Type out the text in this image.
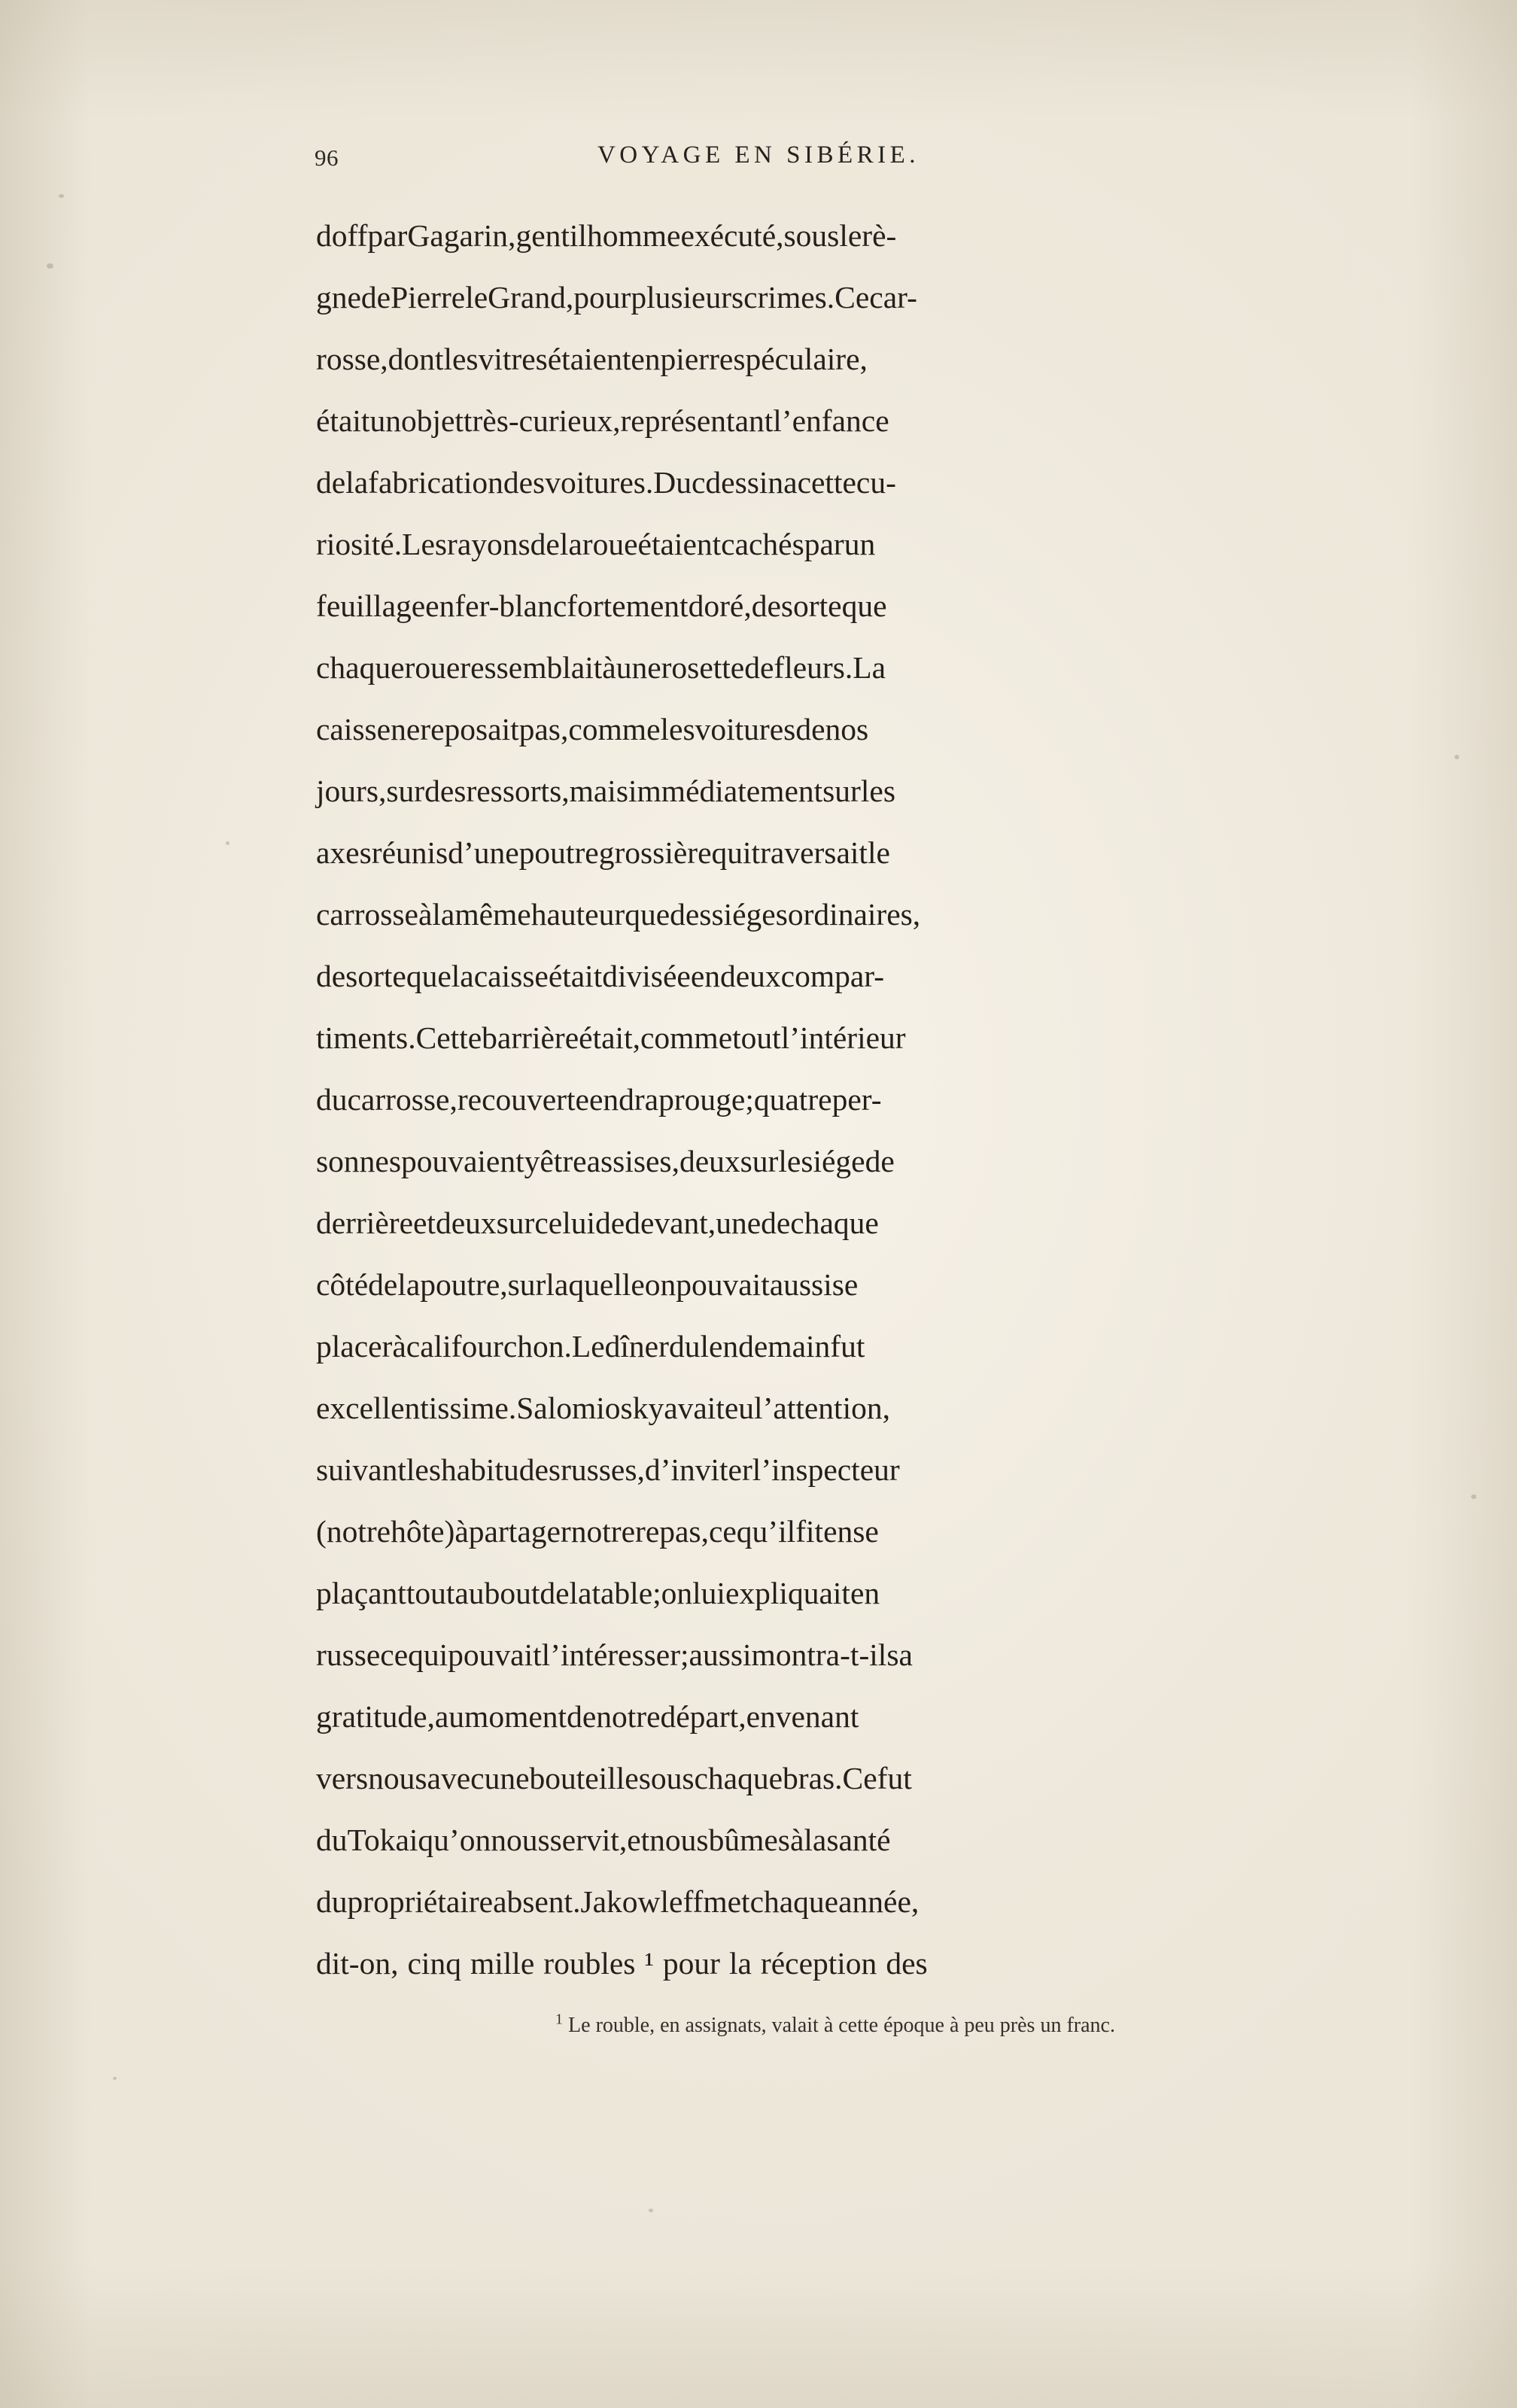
96	VOYAGE EN SIBÉRIE.
doffparGagarin,gentilhommeexécuté,souslerè-
gnedePierreleGrand,pourplusieurscrimes.Cecar-
rosse,dontlesvitresétaientenpierrespéculaire,
étaitunobjettrès-curieux,représentantl’enfance
delafabricationdesvoitures.Ducdessinacettecu-
riosité.Lesrayonsdelaroueétaientcachésparun
feuillageenfer-blancfortementdoré,desorteque
chaqueroueressemblaitàunerosettedefleurs.La
caissenereposaitpas,commelesvoituresdenos
jours,surdesressorts,maisimmédiatementsurles
axesréunisd’unepoutregrossièrequitraversaitle
carrosseàlamêmehauteurquedessiégesordinaires,
desortequelacaisseétaitdiviséeendeuxcompar-
timents.Cettebarrièreétait,commetoutl’intérieur
ducarrosse,recouverteendraprouge;quatreper-
sonnespouvaientyêtreassises,deuxsurlesiégede
derrièreetdeuxsurceluidedevant,unedechaque
côtédelapoutre,surlaquelleonpouvaitaussise
placeràcalifourchon.Ledînerdulendemainfut
excellentissime.Salomioskyavaiteul’attention,
suivantleshabitudesrusses,d’inviterl’inspecteur
(notrehôte)àpartagernotrerepas,cequ’ilfitense
plaçanttoutauboutdelatable;onluiexpliquaiten
russecequipouvaitl’intéresser;aussimontra-t-ilsa
gratitude,aumomentdenotredépart,envenant
versnousavecunebouteillesouschaquebras.Cefut
duTokaiqu’onnousservit,etnousbûmesàlasanté
dupropriétaireabsent.Jakowleffmetchaqueannée,
dit-on, cinq mille roubles ¹ pour la réception des
$^1$ Le rouble, en assignats, valait à cette époque à peu près un franc.
